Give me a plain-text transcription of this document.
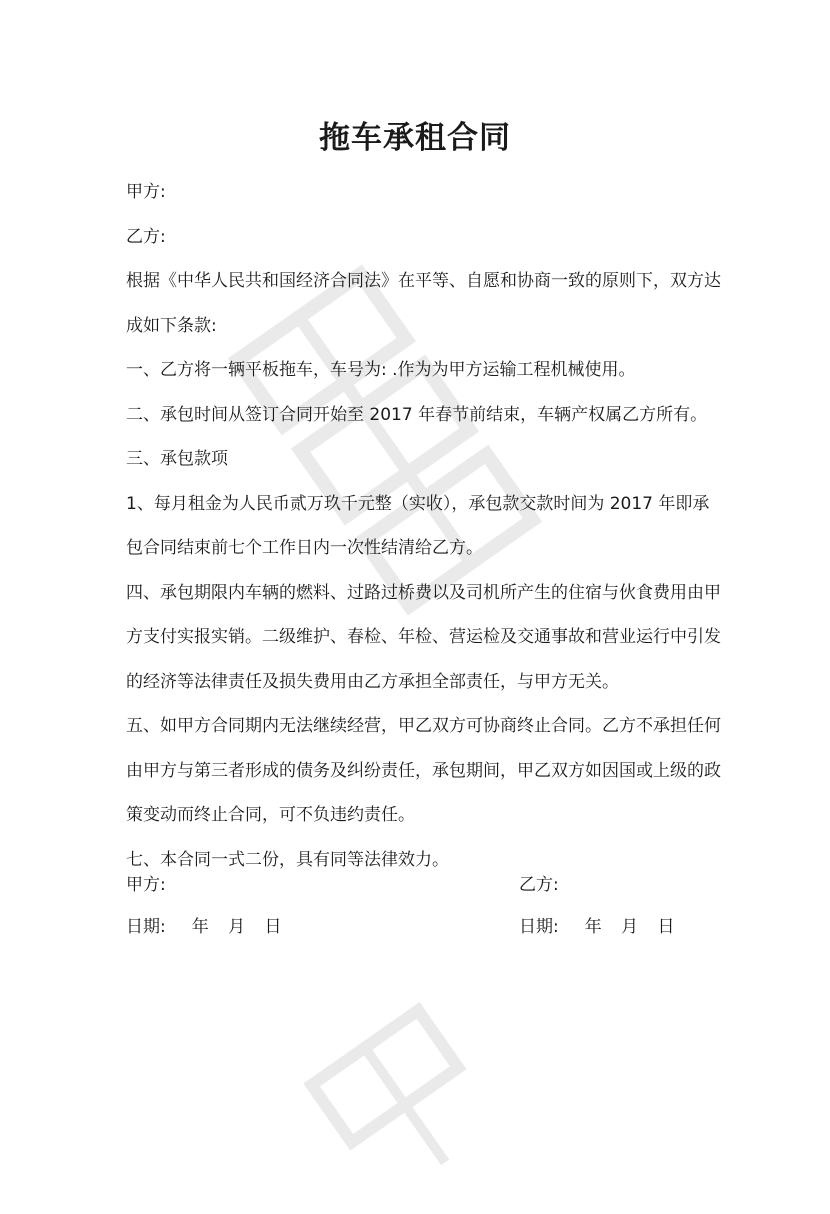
拖车承租合同

甲方:

乙方:

根据《中华人民共和国经济合同法》在平等、自愿和协商一致的原则下，双方达成如下条款:

一、乙方将一辆平板拖车，车号为: .作为为甲方运输工程机械使用。

二、承包时间从签订合同开始至 2017 年春节前结束，车辆产权属乙方所有。

三、承包款项

1、每月租金为人民币贰万玖千元整（实收），承包款交款时间为 2017 年即承包合同结束前七个工作日内一次性结清给乙方。

四、承包期限内车辆的燃料、过路过桥费以及司机所产生的住宿与伙食费用由甲方支付实报实销。二级维护、春检、年检、营运检及交通事故和营业运行中引发的经济等法律责任及损失费用由乙方承担全部责任，与甲方无关。

五、如甲方合同期内无法继续经营，甲乙双方可协商终止合同。乙方不承担任何由甲方与第三者形成的债务及纠纷责任，承包期间，甲乙双方如因国或上级的政策变动而终止合同，可不负违约责任。

七、本合同一式二份，具有同等法律效力。

甲方:	乙方:
日期: 年 月 日	日期: 年 月 日
